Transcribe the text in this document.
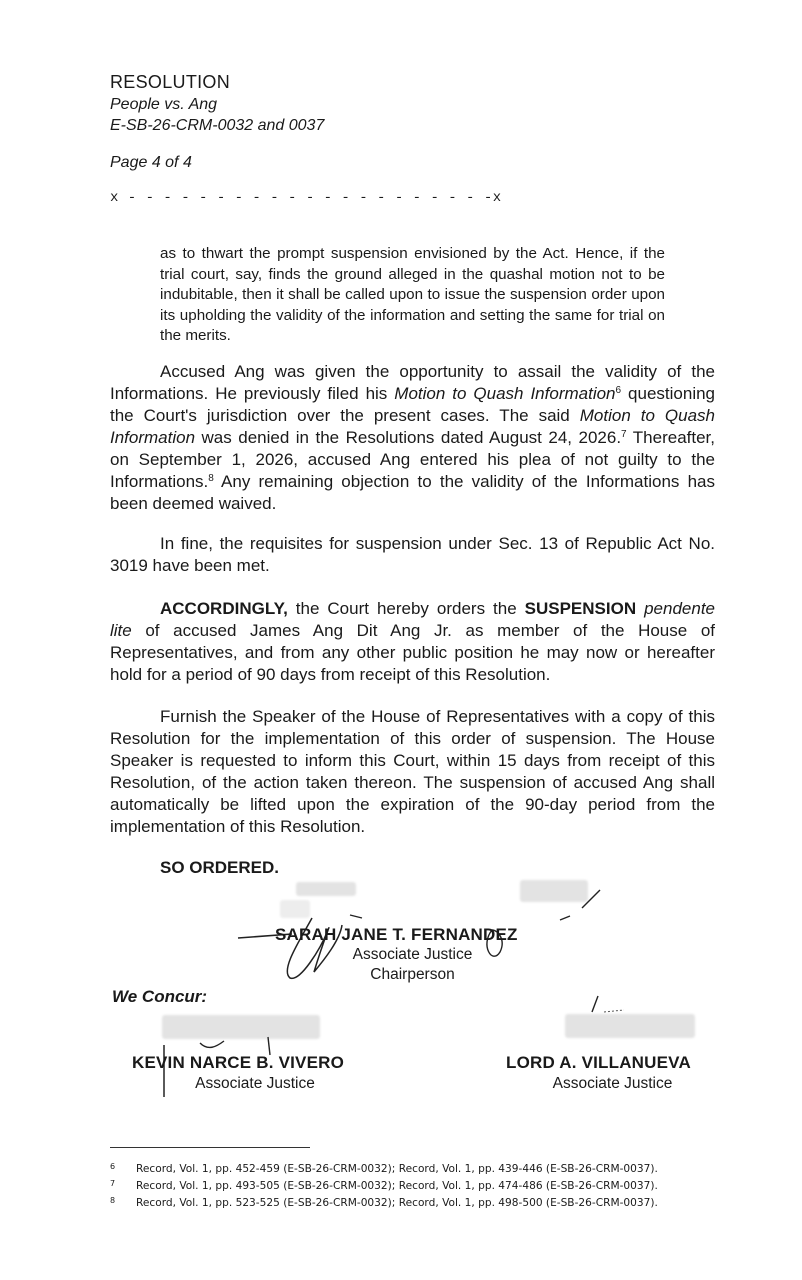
RESOLUTION
People vs. Ang
E-SB-26-CRM-0032 and 0037
Page 4 of 4
x - - - - - - - - - - - - - - - - - - - - -x
as to thwart the prompt suspension envisioned by the Act. Hence, if the trial court, say, finds the ground alleged in the quashal motion not to be indubitable, then it shall be called upon to issue the suspension order upon its upholding the validity of the information and setting the same for trial on the merits.
Accused Ang was given the opportunity to assail the validity of the Informations. He previously filed his Motion to Quash Information$^6$ questioning the Court's jurisdiction over the present cases. The said Motion to Quash Information was denied in the Resolutions dated August 24, 2026.$^7$ Thereafter, on September 1, 2026, accused Ang entered his plea of not guilty to the Informations.$^8$ Any remaining objection to the validity of the Informations has been deemed waived.
In fine, the requisites for suspension under Sec. 13 of Republic Act No. 3019 have been met.
ACCORDINGLY, the Court hereby orders the SUSPENSION pendente lite of accused James Ang Dit Ang Jr. as member of the House of Representatives, and from any other public position he may now or hereafter hold for a period of 90 days from receipt of this Resolution.
Furnish the Speaker of the House of Representatives with a copy of this Resolution for the implementation of this order of suspension. The House Speaker is requested to inform this Court, within 15 days from receipt of this Resolution, of the action taken thereon. The suspension of accused Ang shall automatically be lifted upon the expiration of the 90-day period from the implementation of this Resolution.
SO ORDERED.
SARAH JANE T. FERNANDEZ
Associate Justice
Chairperson
We Concur:
KEVIN NARCE B. VIVERO
Associate Justice
LORD A. VILLANUEVA
Associate Justice
6 Record, Vol. 1, pp. 452-459 (E-SB-26-CRM-0032); Record, Vol. 1, pp. 439-446 (E-SB-26-CRM-0037).
7 Record, Vol. 1, pp. 493-505 (E-SB-26-CRM-0032); Record, Vol. 1, pp. 474-486 (E-SB-26-CRM-0037).
8 Record, Vol. 1, pp. 523-525 (E-SB-26-CRM-0032); Record, Vol. 1, pp. 498-500 (E-SB-26-CRM-0037).
